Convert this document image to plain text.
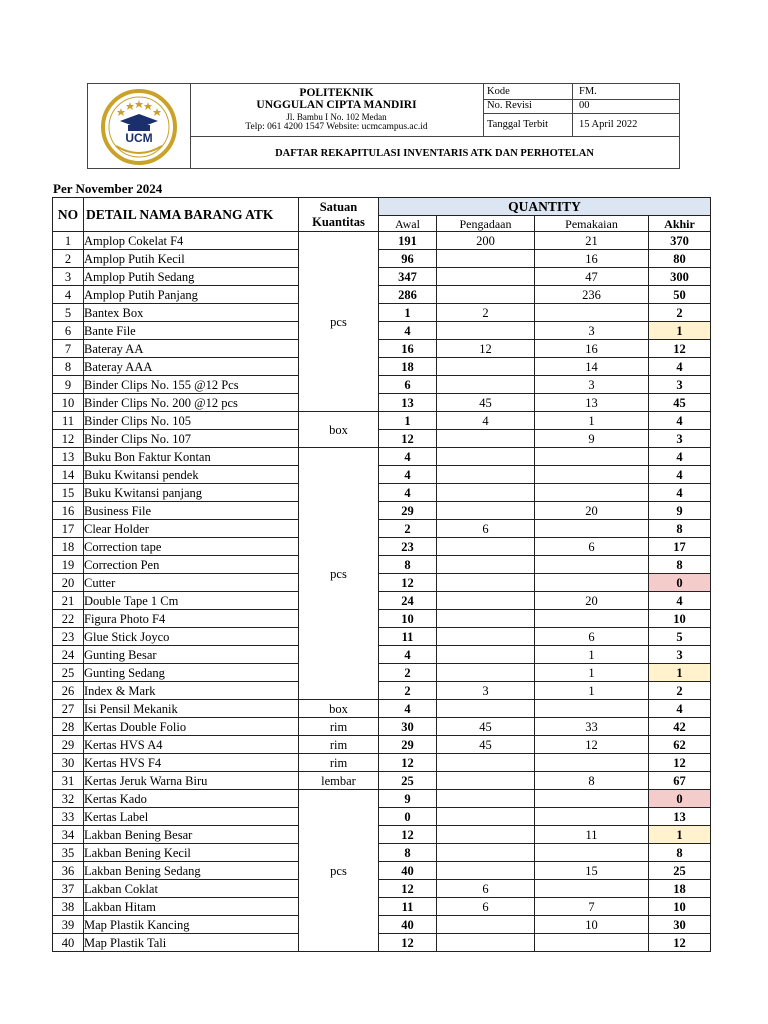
UCM
POLITEKNIK
UNGGULAN CIPTA MANDIRI
Jl. Bambu I No. 102 Medan
Telp: 061 4200 1547 Website: ucmcampus.ac.id
Kode	FM.
No. Revisi	00
Tanggal Terbit	15 April 2022
DAFTAR REKAPITULASI INVENTARIS ATK DAN PERHOTELAN
Per November 2024
NO	DETAIL NAMA BARANG ATK	Satuan Kuantitas	QUANTITY			
			Awal	Pengadaan	Pemakaian	Akhir
1	Amplop Cokelat F4	pcs	191	200	21	370
2	Amplop Putih Kecil		96		16	80
3	Amplop Putih Sedang		347		47	300
4	Amplop Putih Panjang		286		236	50
5	Bantex Box		1	2		2
6	Bante File		4		3	1
7	Bateray AA		16	12	16	12
8	Bateray AAA		18		14	4
9	Binder Clips No. 155 @12 Pcs		6		3	3
10	Binder Clips No. 200 @12 pcs		13	45	13	45
11	Binder Clips No. 105	box	1	4	1	4
12	Binder Clips No. 107		12		9	3
13	Buku Bon Faktur Kontan	pcs	4			4
14	Buku Kwitansi pendek		4			4
15	Buku Kwitansi panjang		4			4
16	Business File		29		20	9
17	Clear Holder		2	6		8
18	Correction tape		23		6	17
19	Correction Pen		8			8
20	Cutter		12			0
21	Double Tape 1 Cm		24		20	4
22	Figura Photo F4		10			10
23	Glue Stick Joyco		11		6	5
24	Gunting Besar		4		1	3
25	Gunting Sedang		2		1	1
26	Index & Mark		2	3	1	2
27	Isi Pensil Mekanik	box	4			4
28	Kertas Double Folio	rim	30	45	33	42
29	Kertas HVS A4	rim	29	45	12	62
30	Kertas HVS F4	rim	12			12
31	Kertas Jeruk Warna Biru	lembar	25		8	67
32	Kertas Kado	pcs	9			0
33	Kertas Label		0			13
34	Lakban Bening Besar		12		11	1
35	Lakban Bening Kecil		8			8
36	Lakban Bening Sedang		40		15	25
37	Lakban Coklat		12	6		18
38	Lakban Hitam		11	6	7	10
39	Map Plastik Kancing		40		10	30
40	Map Plastik Tali		12			12
